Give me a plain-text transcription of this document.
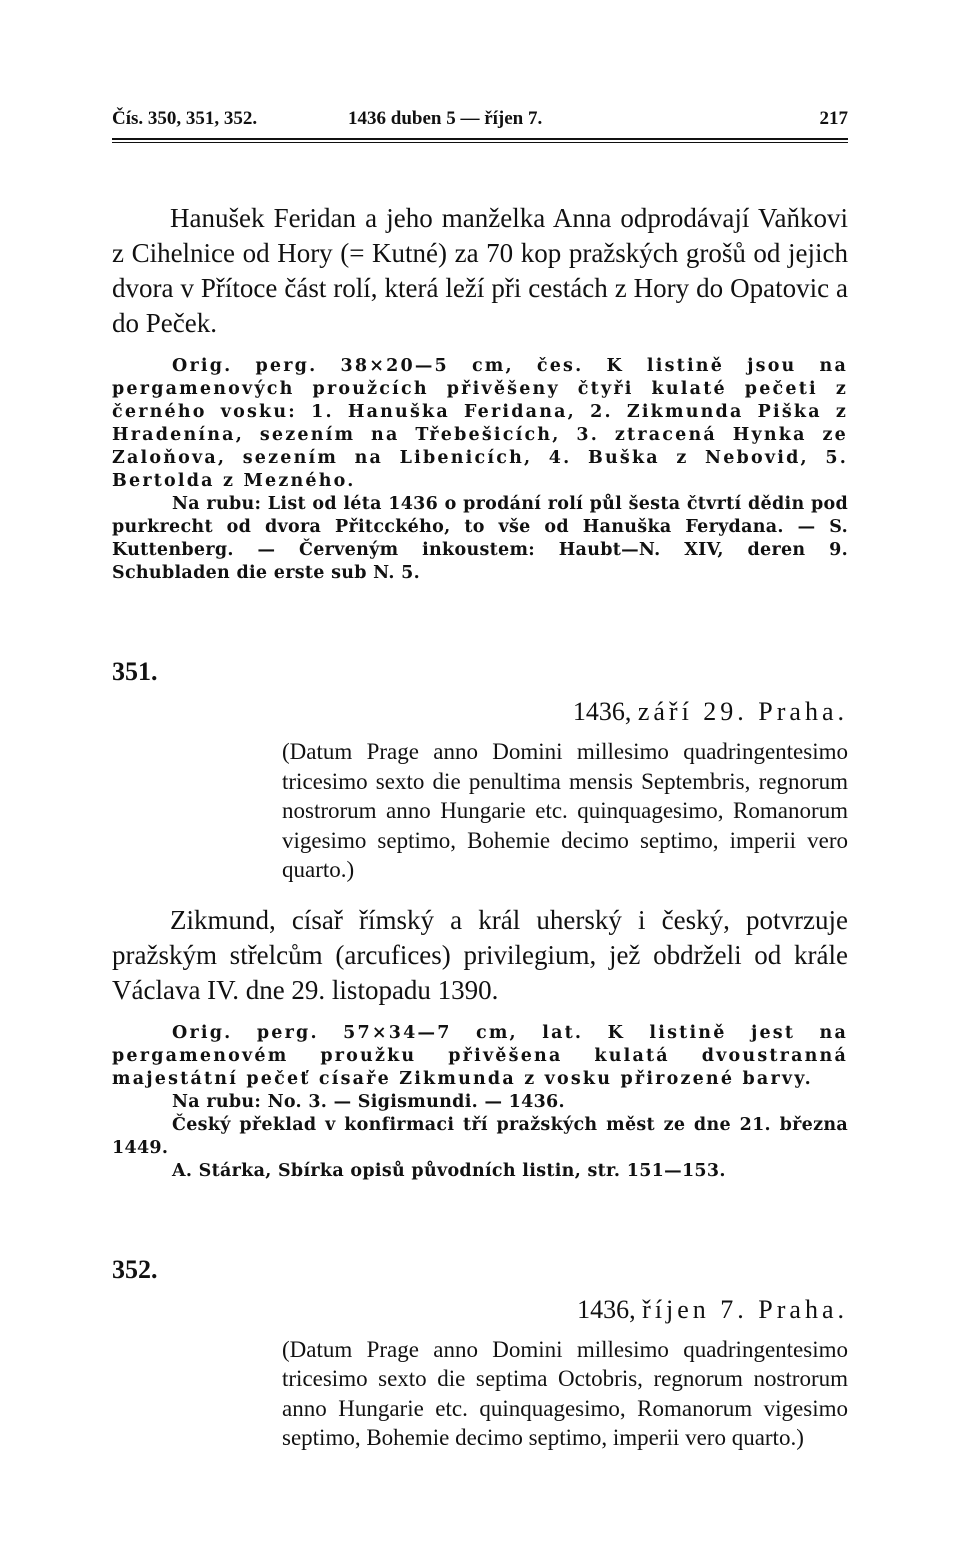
Čís. 350, 351, 352.	1436 duben 5 — říjen 7.	217

Hanušek Feridan a jeho manželka Anna odprodávají Vaňkovi z Cihelnice od Hory (= Kutné) za 70 kop pražských grošů od jejich dvora v Přítoce část rolí, která leží při cestách z Hory do Opatovic a do Peček.

Orig. perg. 38×20—5 cm, čes. K listině jsou na pergamenových proužcích přivěšeny čtyři kulaté pečeti z černého vosku: 1. Hanuška Feridana, 2. Zikmunda Piška z Hradenína, sezením na Třebešicích, 3. ztracená Hynka ze Zaloňova, sezením na Libenicích, 4. Buška z Nebovid, 5. Bertolda z Mezného.

Na rubu: List od léta 1436 o prodání rolí půl šesta čtvrtí dědin pod purkrecht od dvora Přitcckého, to vše od Hanuška Ferydana. — S. Kuttenberg. — Červeným inkoustem: Haubt—N. XIV, deren 9. Schubladen die erste sub N. 5.

351.
1436, září 29. Praha.

(Datum Prage anno Domini millesimo quadringentesimo tricesimo sexto die penultima mensis Septembris, regnorum nostrorum anno Hungarie etc. quinquagesimo, Romanorum vigesimo septimo, Bohemie decimo septimo, imperii vero quarto.)

Zikmund, císař římský a král uherský i český, potvrzuje pražským střelcům (arcufices) privilegium, jež obdrželi od krále Václava IV. dne 29. listopadu 1390.

Orig. perg. 57×34—7 cm, lat. K listině jest na pergamenovém proužku přivěšena kulatá dvoustranná majestátní pečeť císaře Zikmunda z vosku přirozené barvy.

Na rubu: No. 3. — Sigismundi. — 1436.

Český překlad v konfirmaci tří pražských měst ze dne 21. března 1449.

A. Stárka, Sbírka opisů původních listin, str. 151—153.

352.
1436, říjen 7. Praha.

(Datum Prage anno Domini millesimo quadringentesimo tricesimo sexto die septima Octobris, regnorum nostrorum anno Hungarie etc. quinquagesimo, Romanorum vigesimo septimo, Bohemie decimo septimo, imperii vero quarto.)
